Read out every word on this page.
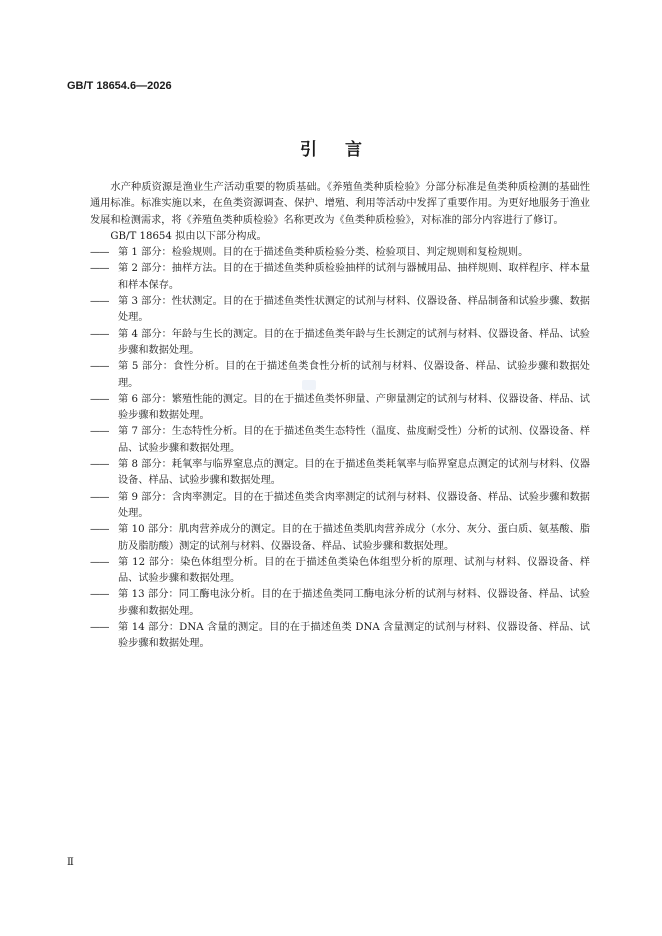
GB/T 18654.6—2026
引言

水产种质资源是渔业生产活动重要的物质基础。《养殖鱼类种质检验》分部分标准是鱼类种质检测的基础性通用标准。标准实施以来，在鱼类资源调查、保护、增殖、利用等活动中发挥了重要作用。为更好地服务于渔业发展和检测需求，将《养殖鱼类种质检验》名称更改为《鱼类种质检验》，对标准的部分内容进行了修订。

GB/T 18654 拟由以下部分构成。

—— 第 1 部分：检验规则。目的在于描述鱼类种质检验分类、检验项目、判定规则和复检规则。

—— 第 2 部分：抽样方法。目的在于描述鱼类种质检验抽样的试剂与器械用品、抽样规则、取样程序、样本量和样本保存。

—— 第 3 部分：性状测定。目的在于描述鱼类性状测定的试剂与材料、仪器设备、样品制备和试验步骤、数据处理。

—— 第 4 部分：年龄与生长的测定。目的在于描述鱼类年龄与生长测定的试剂与材料、仪器设备、样品、试验步骤和数据处理。

—— 第 5 部分：食性分析。目的在于描述鱼类食性分析的试剂与材料、仪器设备、样品、试验步骤和数据处理。

—— 第 6 部分：繁殖性能的测定。目的在于描述鱼类怀卵量、产卵量测定的试剂与材料、仪器设备、样品、试验步骤和数据处理。

—— 第 7 部分：生态特性分析。目的在于描述鱼类生态特性（温度、盐度耐受性）分析的试剂、仪器设备、样品、试验步骤和数据处理。

—— 第 8 部分：耗氧率与临界窒息点的测定。目的在于描述鱼类耗氧率与临界窒息点测定的试剂与材料、仪器设备、样品、试验步骤和数据处理。

—— 第 9 部分：含肉率测定。目的在于描述鱼类含肉率测定的试剂与材料、仪器设备、样品、试验步骤和数据处理。

—— 第 10 部分：肌肉营养成分的测定。目的在于描述鱼类肌肉营养成分（水分、灰分、蛋白质、氨基酸、脂肪及脂肪酸）测定的试剂与材料、仪器设备、样品、试验步骤和数据处理。

—— 第 12 部分：染色体组型分析。目的在于描述鱼类染色体组型分析的原理、试剂与材料、仪器设备、样品、试验步骤和数据处理。

—— 第 13 部分：同工酶电泳分析。目的在于描述鱼类同工酶电泳分析的试剂与材料、仪器设备、样品、试验步骤和数据处理。

—— 第 14 部分：DNA 含量的测定。目的在于描述鱼类 DNA 含量测定的试剂与材料、仪器设备、样品、试验步骤和数据处理。

Ⅱ
